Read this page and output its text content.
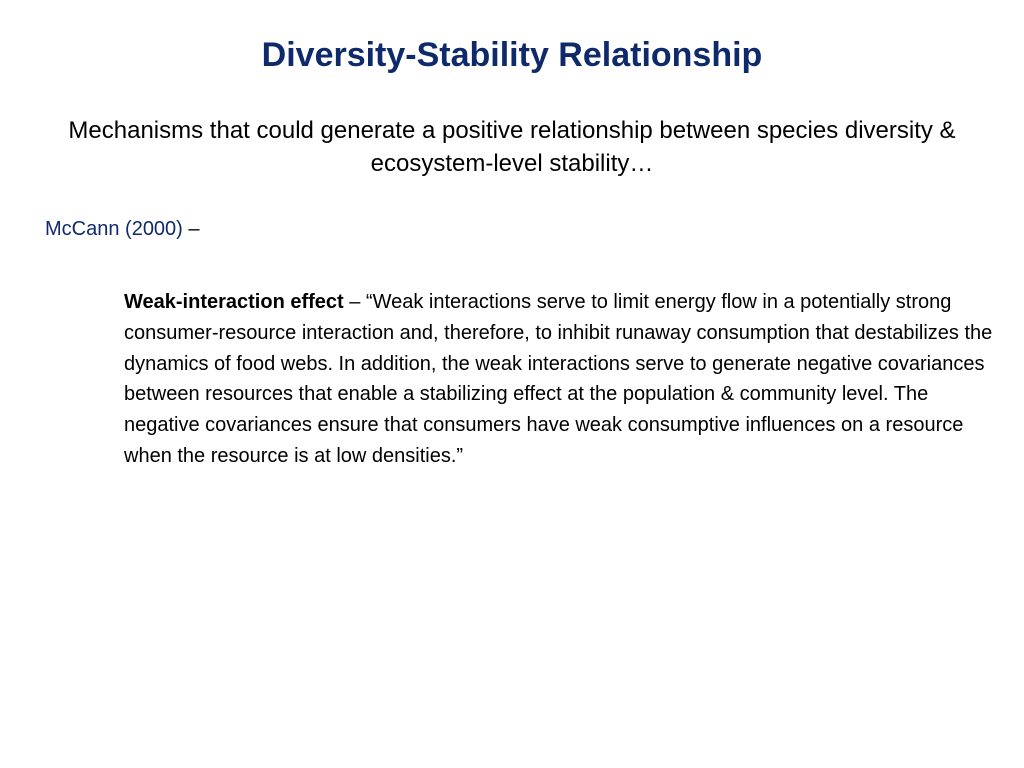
Diversity-Stability Relationship
Mechanisms that could generate a positive relationship between species diversity & ecosystem-level stability…
McCann (2000) –
Weak-interaction effect – “Weak interactions serve to limit energy flow in a potentially strong consumer-resource interaction and, therefore, to inhibit runaway consumption that destabilizes the dynamics of food webs. In addition, the weak interactions serve to generate negative covariances between resources that enable a stabilizing effect at the population & community level. The negative covariances ensure that consumers have weak consumptive influences on a resource when the resource is at low densities.”
